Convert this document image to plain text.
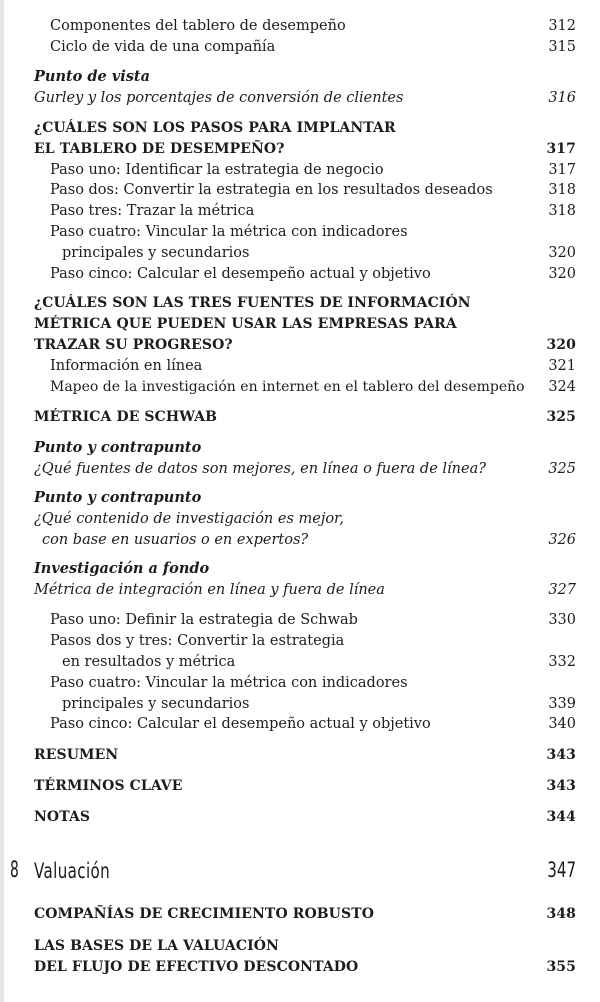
Componentes del tablero de desempeño	312
Ciclo de vida de una compañía	315
Punto de vista
Gurley y los porcentajes de conversión de clientes	316
¿CUÁLES SON LOS PASOS PARA IMPLANTAR
EL TABLERO DE DESEMPEÑO?	317
Paso uno: Identificar la estrategia de negocio	317
Paso dos: Convertir la estrategia en los resultados deseados	318
Paso tres: Trazar la métrica	318
Paso cuatro: Vincular la métrica con indicadores
principales y secundarios	320
Paso cinco: Calcular el desempeño actual y objetivo	320
¿CUÁLES SON LAS TRES FUENTES DE INFORMACIÓN
MÉTRICA QUE PUEDEN USAR LAS EMPRESAS PARA
TRAZAR SU PROGRESO?	320
Información en línea	321
Mapeo de la investigación en internet en el tablero del desempeño	324
MÉTRICA DE SCHWAB	325
Punto y contrapunto
¿Qué fuentes de datos son mejores, en línea o fuera de línea?	325
Punto y contrapunto
¿Qué contenido de investigación es mejor,
con base en usuarios o en expertos?	326
Investigación a fondo
Métrica de integración en línea y fuera de línea	327
Paso uno: Definir la estrategia de Schwab	330
Pasos dos y tres: Convertir la estrategia
en resultados y métrica	332
Paso cuatro: Vincular la métrica con indicadores
principales y secundarios	339
Paso cinco: Calcular el desempeño actual y objetivo	340
RESUMEN	343
TÉRMINOS CLAVE	343
NOTAS	344
8 Valuación	347
COMPAÑÍAS DE CRECIMIENTO ROBUSTO	348
LAS BASES DE LA VALUACIÓN
DEL FLUJO DE EFECTIVO DESCONTADO	355
